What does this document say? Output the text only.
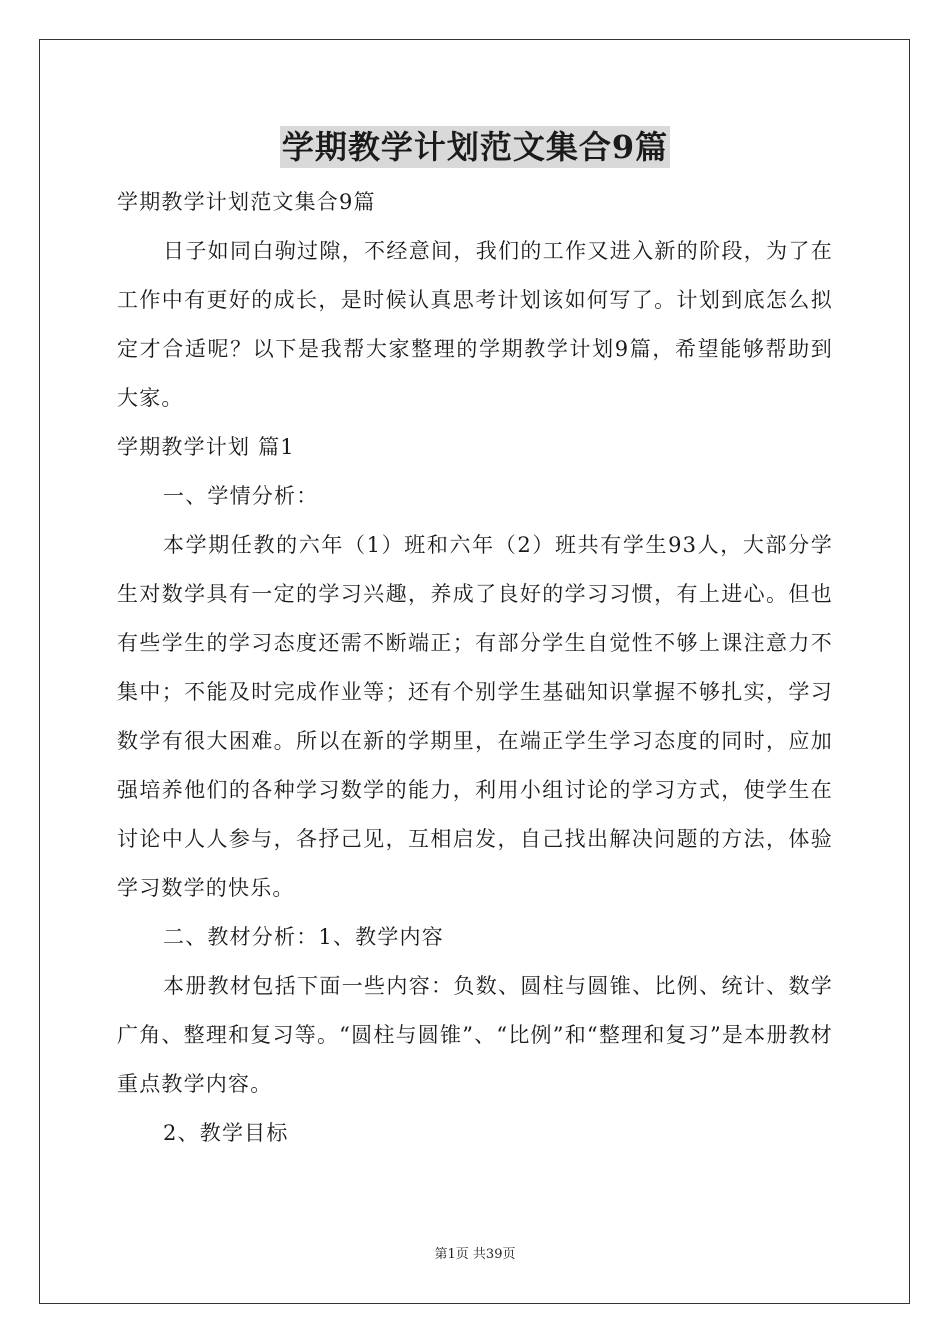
学期教学计划范文集合9篇

学期教学计划范文集合9篇

日子如同白驹过隙，不经意间，我们的工作又进入新的阶段，为了在工作中有更好的成长，是时候认真思考计划该如何写了。计划到底怎么拟定才合适呢？以下是我帮大家整理的学期教学计划9篇，希望能够帮助到大家。

学期教学计划 篇1

一、学情分析：

本学期任教的六年（1）班和六年（2）班共有学生93人，大部分学生对数学具有一定的学习兴趣，养成了良好的学习习惯，有上进心。但也有些学生的学习态度还需不断端正；有部分学生自觉性不够上课注意力不集中；不能及时完成作业等；还有个别学生基础知识掌握不够扎实，学习数学有很大困难。所以在新的学期里，在端正学生学习态度的同时，应加强培养他们的各种学习数学的能力，利用小组讨论的学习方式，使学生在讨论中人人参与，各抒己见，互相启发，自己找出解决问题的方法，体验学习数学的快乐。

二、教材分析：1、教学内容

本册教材包括下面一些内容：负数、圆柱与圆锥、比例、统计、数学广角、整理和复习等。“圆柱与圆锥”、“比例”和“整理和复习”是本册教材重点教学内容。

2、教学目标

第1页 共39页
